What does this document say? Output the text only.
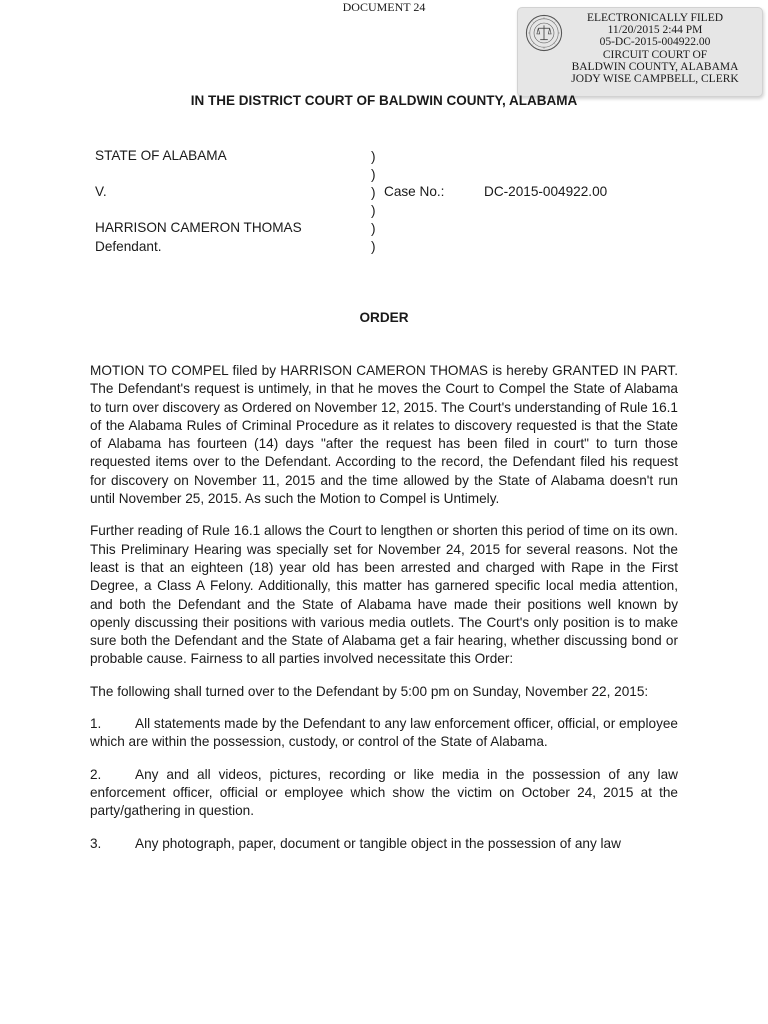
DOCUMENT 24
ELECTRONICALLY FILED
11/20/2015 2:44 PM
05-DC-2015-004922.00
CIRCUIT COURT OF
BALDWIN COUNTY, ALABAMA
JODY WISE CAMPBELL, CLERK
IN THE DISTRICT COURT OF BALDWIN COUNTY, ALABAMA
STATE OF ALABAMA
V.
HARRISON CAMERON THOMAS
Defendant.
)
)
)
)
)
)
Case No.:	DC-2015-004922.00
ORDER

MOTION TO COMPEL filed by HARRISON CAMERON THOMAS is hereby GRANTED IN PART. The Defendant's request is untimely, in that he moves the Court to Compel the State of Alabama to turn over discovery as Ordered on November 12, 2015. The Court's understanding of Rule 16.1 of the Alabama Rules of Criminal Procedure as it relates to discovery requested is that the State of Alabama has fourteen (14) days "after the request has been filed in court" to turn those requested items over to the Defendant. According to the record, the Defendant filed his request for discovery on November 11, 2015 and the time allowed by the State of Alabama doesn't run until November 25, 2015. As such the Motion to Compel is Untimely.

Further reading of Rule 16.1 allows the Court to lengthen or shorten this period of time on its own. This Preliminary Hearing was specially set for November 24, 2015 for several reasons. Not the least is that an eighteen (18) year old has been arrested and charged with Rape in the First Degree, a Class A Felony. Additionally, this matter has garnered specific local media attention, and both the Defendant and the State of Alabama have made their positions well known by openly discussing their positions with various media outlets. The Court's only position is to make sure both the Defendant and the State of Alabama get a fair hearing, whether discussing bond or probable cause. Fairness to all parties involved necessitate this Order:

The following shall turned over to the Defendant by 5:00 pm on Sunday, November 22, 2015:

1. All statements made by the Defendant to any law enforcement officer, official, or employee which are within the possession, custody, or control of the State of Alabama.

2. Any and all videos, pictures, recording or like media in the possession of any law enforcement officer, official or employee which show the victim on October 24, 2015 at the party/gathering in question.

3. Any photograph, paper, document or tangible object in the possession of any law
